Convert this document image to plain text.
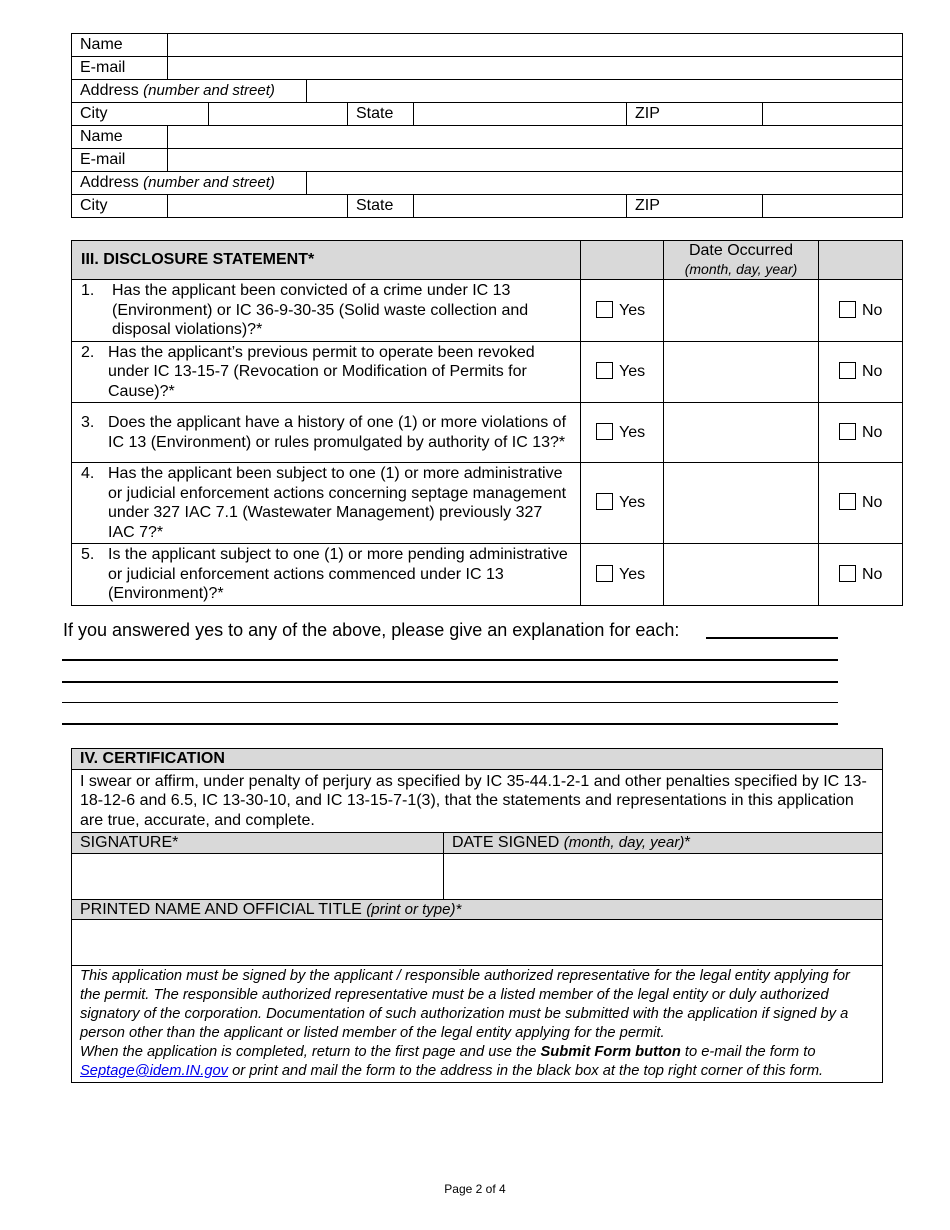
Name							
E-mail							
Address (number and street)							
City				State		ZIP	
Name							
E-mail							
Address (number and street)							
City				State		ZIP	
III. DISCLOSURE STATEMENT*		Date Occurred
(month, day, year)	

1. Has the applicant been convicted of a crime under IC 13 (Environment) or IC 36-9-30-35 (Solid waste collection and disposal violations)?*	Yes		No

2. Has the applicant’s previous permit to operate been revoked under IC 13-15-7 (Revocation or Modification of Permits for Cause)?*	Yes		No

3. Does the applicant have a history of one (1) or more violations of IC 13 (Environment) or rules promulgated by authority of IC 13?*	Yes		No

4. Has the applicant been subject to one (1) or more administrative or judicial enforcement actions concerning septage management under 327 IAC 7.1 (Wastewater Management) previously 327 IAC 7?*	Yes		No

5. Is the applicant subject to one (1) or more pending administrative or judicial enforcement actions commenced under IC 13 (Environment)?*	Yes		No
If you answered yes to any of the above, please give an explanation for each:
IV. CERTIFICATION	
I swear or affirm, under penalty of perjury as specified by IC 35-44.1-2-1 and other penalties specified by IC 13-18-12-6 and 6.5, IC 13-30-10, and IC 13-15-7-1(3), that the statements and representations in this application are true, accurate, and complete.	
SIGNATURE*	DATE SIGNED (month, day, year)*

PRINTED NAME AND OFFICIAL TITLE (print or type)*	

This application must be signed by the applicant / responsible authorized representative for the legal entity applying for the permit. The responsible authorized representative must be a listed member of the legal entity or duly authorized signatory of the corporation. Documentation of such authorization must be submitted with the application if signed by a person other than the applicant or listed member of the legal entity applying for the permit.
When the application is completed, return to the first page and use the Submit Form button to e-mail the form to Septage@idem.IN.gov or print and mail the form to the address in the black box at the top right corner of this form.	
Page 2 of 4
